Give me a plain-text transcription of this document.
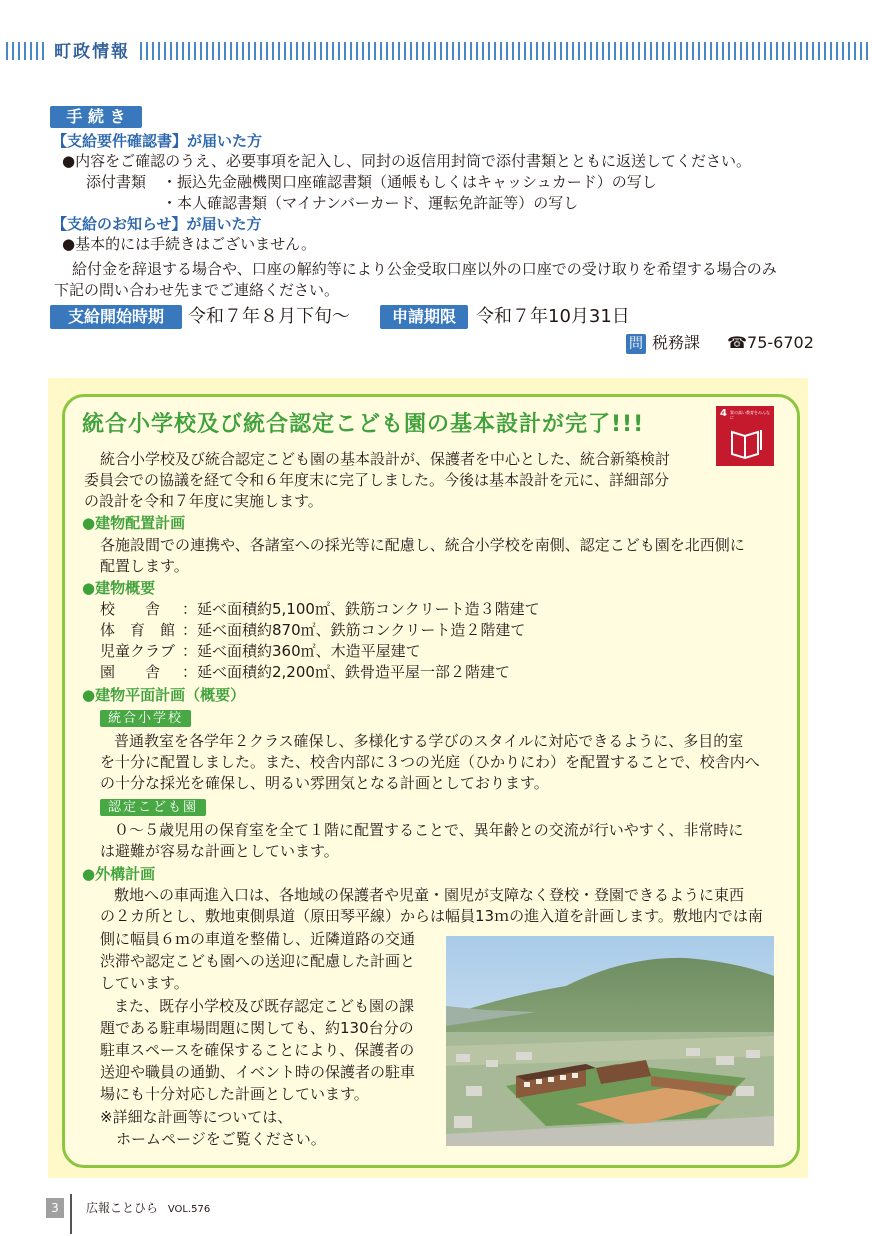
町政情報
手 続 き
【支給要件確認書】が届いた方
●内容をご確認のうえ、必要事項を記入し、同封の返信用封筒で添付書類とともに返送してください。
添付書類 ・振込先金融機関口座確認書類（通帳もしくはキャッシュカード）の写し
・本人確認書類（マイナンバーカード、運転免許証等）の写し
【支給のお知らせ】が届いた方
●基本的には手続きはございません。
給付金を辞退する場合や、口座の解約等により公金受取口座以外の口座での受け取りを希望する場合のみ
下記の問い合わせ先までご連絡ください。
支給開始時期	令和７年８月下旬～	申請期限	令和７年10月31日
問 税務課 ☎75-6702
統合小学校及び統合認定こども園の基本設計が完了!!!	4 質の高い教育をみんなに
統合小学校及び統合認定こども園の基本設計が、保護者を中心とした、統合新築検討
委員会での協議を経て令和６年度末に完了しました。今後は基本設計を元に、詳細部分
の設計を令和７年度に実施します。
●建物配置計画
各施設間での連携や、各諸室への採光等に配慮し、統合小学校を南側、認定こども園を北西側に
配置します。
●建物概要
校　　舎 ：延べ面積約5,100㎡、鉄筋コンクリート造３階建て
体　育　館 ：延べ面積約870㎡、鉄筋コンクリート造２階建て
児童クラブ ：延べ面積約360㎡、木造平屋建て
園　　舎 ：延べ面積約2,200㎡、鉄骨造平屋一部２階建て
●建物平面計画（概要）
統合小学校
普通教室を各学年２クラス確保し、多様化する学びのスタイルに対応できるように、多目的室
を十分に配置しました。また、校舎内部に３つの光庭（ひかりにわ）を配置することで、校舎内へ
の十分な採光を確保し、明るい雰囲気となる計画としております。
認定こども園
０～５歳児用の保育室を全て１階に配置することで、異年齢との交流が行いやすく、非常時に
は避難が容易な計画としています。
●外構計画
敷地への車両進入口は、各地域の保護者や児童・園児が支障なく登校・登園できるように東西
の２カ所とし、敷地東側県道（原田琴平線）からは幅員13ｍの進入道を計画します。敷地内では南
側に幅員６ｍの車道を整備し、近隣道路の交通
渋滞や認定こども園への送迎に配慮した計画と
しています。
また、既存小学校及び既存認定こども園の課
題である駐車場問題に関しても、約130台分の
駐車スペースを確保することにより、保護者の
送迎や職員の通勤、イベント時の保護者の駐車
場にも十分対応した計画としています。
※詳細な計画等については、
ホームページをご覧ください。
3	広報ことひら VOL.576
